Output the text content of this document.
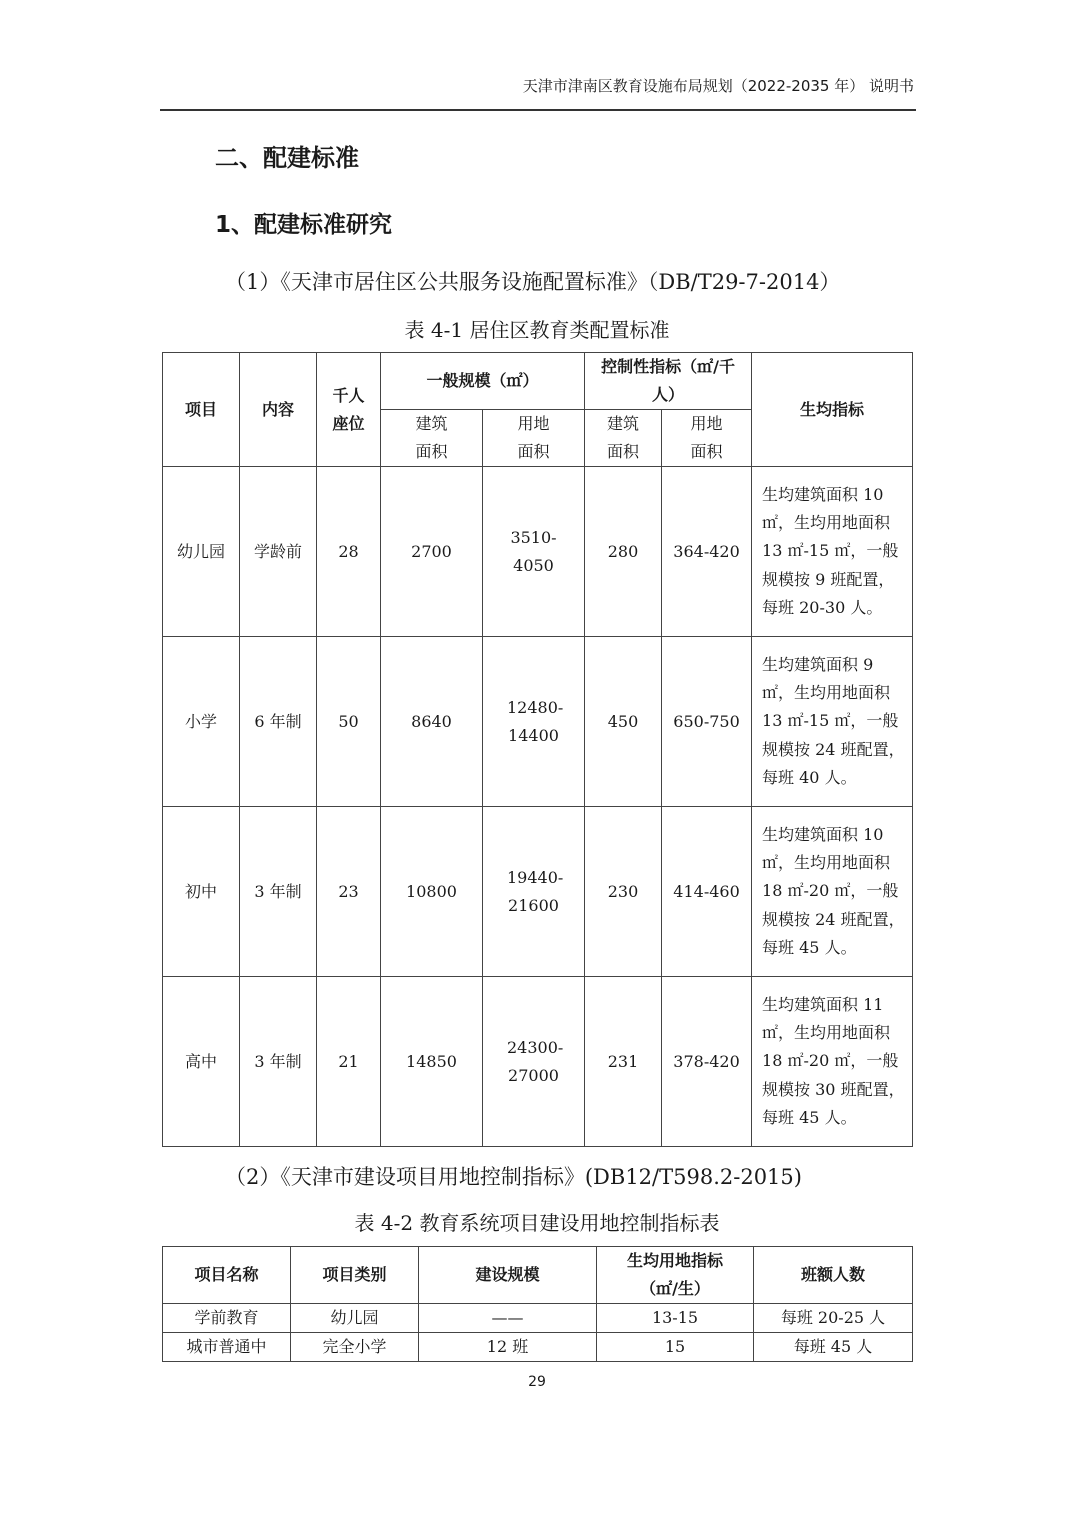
天津市津南区教育设施布局规划（2022-2035 年） 说明书
二、配建标准
1、配建标准研究
（1）《天津市居住区公共服务设施配置标准》（DB/T29-7-2014）
表 4-1 居住区教育类配置标准
项目	内容	千人座位	一般规模（㎡）		控制性指标（㎡/千人）		生均指标
			建筑面积	用地面积	建筑面积	用地面积	
幼儿园	学龄前	28	2700	3510-4050	280	364-420	生均建筑面积 10 ㎡，生均用地面积 13 ㎡-15 ㎡，一般规模按 9 班配置，每班 20-30 人。
小学	6 年制	50	8640	12480-14400	450	650-750	生均建筑面积 9 ㎡，生均用地面积 13 ㎡-15 ㎡，一般规模按 24 班配置，每班 40 人。
初中	3 年制	23	10800	19440-21600	230	414-460	生均建筑面积 10 ㎡，生均用地面积 18 ㎡-20 ㎡，一般规模按 24 班配置，每班 45 人。
高中	3 年制	21	14850	24300-27000	231	378-420	生均建筑面积 11 ㎡，生均用地面积 18 ㎡-20 ㎡，一般规模按 30 班配置，每班 45 人。
（2）《天津市建设项目用地控制指标》(DB12/T598.2-2015)
表 4-2 教育系统项目建设用地控制指标表
项目名称	项目类别	建设规模	生均用地指标（㎡/生）	班额人数
学前教育	幼儿园	——	13-15	每班 20-25 人
城市普通中	完全小学	12 班	15	每班 45 人
29
